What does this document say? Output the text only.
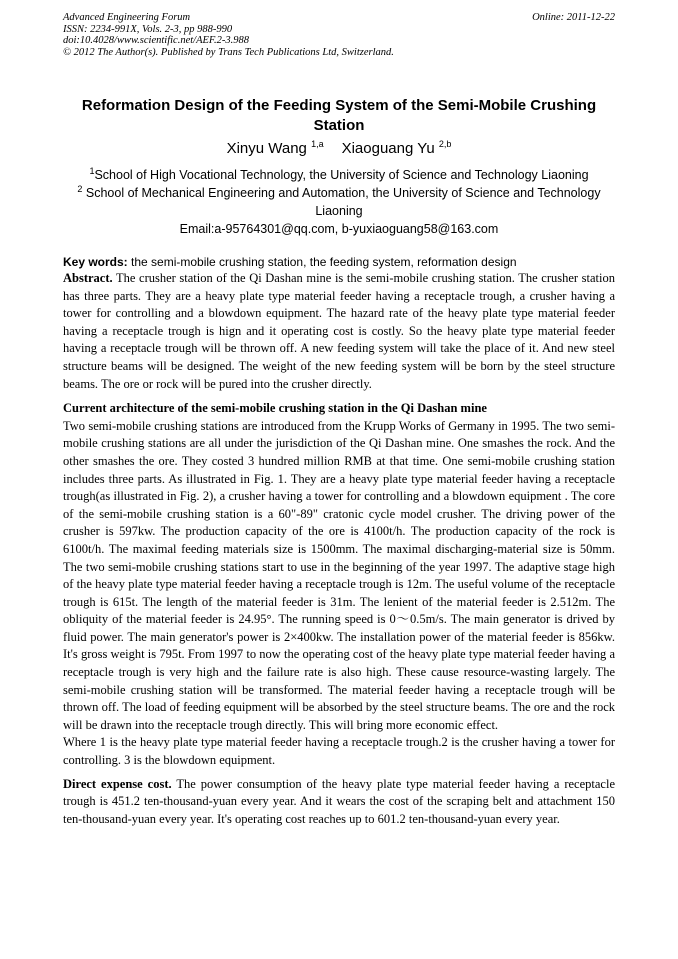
Advanced Engineering Forum
ISSN: 2234-991X, Vols. 2-3, pp 988-990
doi:10.4028/www.scientific.net/AEF.2-3.988
© 2012 The Author(s). Published by Trans Tech Publications Ltd, Switzerland.
Online: 2011-12-22
Reformation Design of the Feeding System of the Semi-Mobile Crushing Station
Xinyu Wang $^{1,a}$ Xiaoguang Yu $^{2,b}$
$^1$School of High Vocational Technology, the University of Science and Technology Liaoning
$^2$ School of Mechanical Engineering and Automation, the University of Science and Technology Liaoning
Email:a-95764301@qq.com, b-yuxiaoguang58@163.com
Key words: the semi-mobile crushing station, the feeding system, reformation design

Abstract. The crusher station of the Qi Dashan mine is the semi-mobile crushing station. The crusher station has three parts. They are a heavy plate type material feeder having a receptacle trough, a crusher having a tower for controlling and a blowdown equipment. The hazard rate of the heavy plate type material feeder having a receptacle trough is hign and it operating cost is costly. So the heavy plate type material feeder having a receptacle trough will be thrown off. A new feeding system will take the place of it. And new steel structure beams will be designed. The weight of the new feeding system will be born by the steel structure beams. The ore or rock will be pured into the crusher directly.

Current architecture of the semi-mobile crushing station in the Qi Dashan mine

Two semi-mobile crushing stations are introduced from the Krupp Works of Germany in 1995. The two semi-mobile crushing stations are all under the jurisdiction of the Qi Dashan mine. One smashes the rock. And the other smashes the ore. They costed 3 hundred million RMB at that time. One semi-mobile crushing station includes three parts. As illustrated in Fig. 1. They are a heavy plate type material feeder having a receptacle trough(as illustrated in Fig. 2), a crusher having a tower for controlling and a blowdown equipment . The core of the semi-mobile crushing station is a 60"-89" cratonic cycle model crusher. The driving power of the crusher is 597kw. The production capacity of the ore is 4100t/h. The production capacity of the rock is 6100t/h. The maximal feeding materials size is 1500mm. The maximal discharging-material size is 50mm. The two semi-mobile crushing stations start to use in the beginning of the year 1997. The adaptive stage high of the heavy plate type material feeder having a receptacle trough is 12m. The useful volume of the receptacle trough is 615t. The length of the material feeder is 31m. The lenient of the material feeder is 2.512m. The obliquity of the material feeder is 24.95°. The running speed is 0～0.5m/s. The main generator is drived by fluid power. The main generator's power is 2×400kw. The installation power of the material feeder is 856kw. It's gross weight is 795t. From 1997 to now the operating cost of the heavy plate type material feeder having a receptacle trough is very high and the failure rate is also high. These cause resource-wasting largely. The semi-mobile crushing station will be transformed. The material feeder having a receptacle trough will be thrown off. The load of feeding equipment will be absorbed by the steel structure beams. The ore and the rock will be drawn into the receptacle trough directly. This will bring more economic effect.

Where 1 is the heavy plate type material feeder having a receptacle trough.2 is the crusher having a tower for controlling. 3 is the blowdown equipment.

Direct expense cost. The power consumption of the heavy plate type material feeder having a receptacle trough is 451.2 ten-thousand-yuan every year. And it wears the cost of the scraping belt and attachment 150 ten-thousand-yuan every year. It's operating cost reaches up to 601.2 ten-thousand-yuan every year.
